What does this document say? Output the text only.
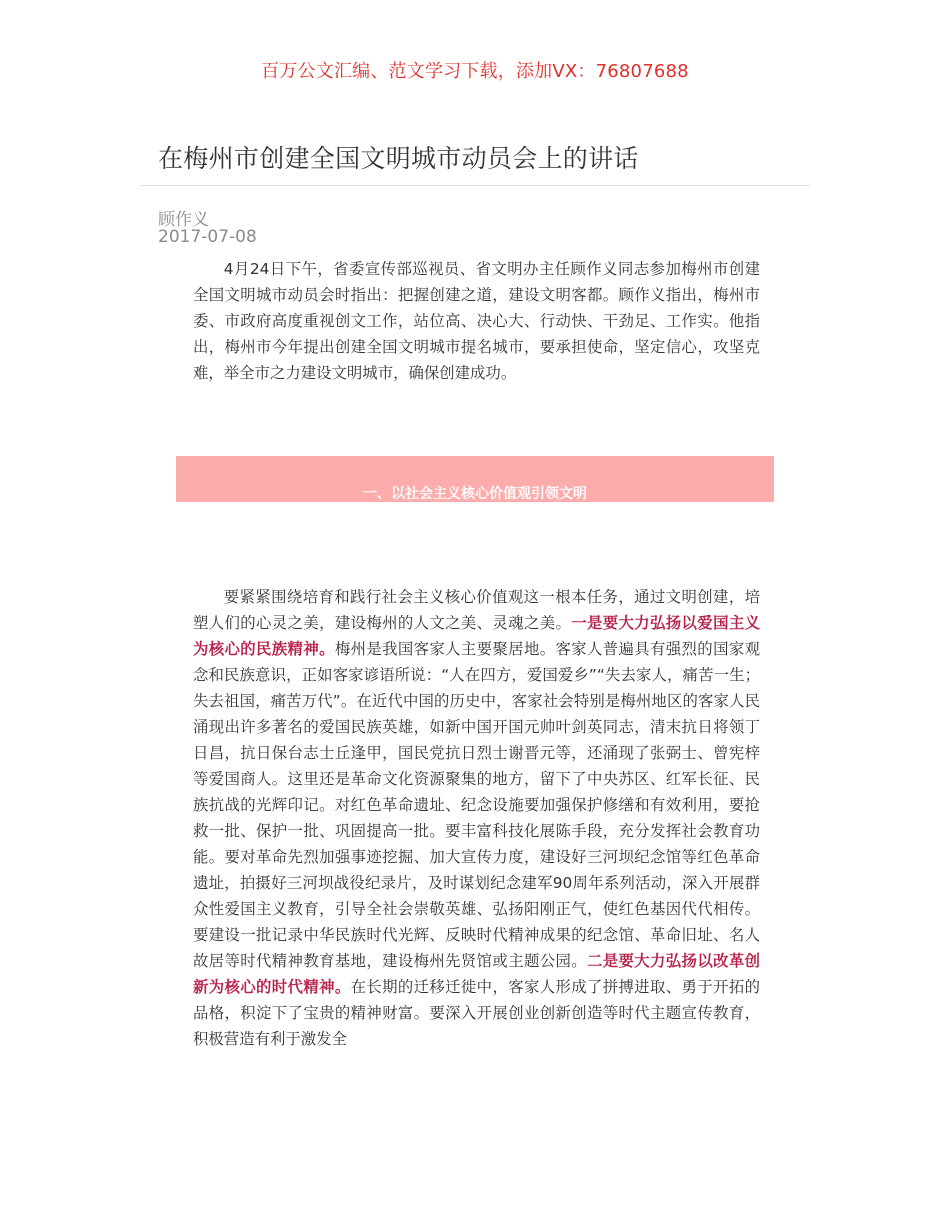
百万公文汇编、范文学习下载，添加VX：76807688
在梅州市创建全国文明城市动员会上的讲话
顾作义
2017-07-08

4月24日下午，省委宣传部巡视员、省文明办主任顾作义同志参加梅州市创建全国文明城市动员会时指出：把握创建之道，建设文明客都。顾作义指出，梅州市委、市政府高度重视创文工作，站位高、决心大、行动快、干劲足、工作实。他指出，梅州市今年提出创建全国文明城市提名城市，要承担使命，坚定信心，攻坚克难，举全市之力建设文明城市，确保创建成功。

一、以社会主义核心价值观引领文明

要紧紧围绕培育和践行社会主义核心价值观这一根本任务，通过文明创建，培塑人们的心灵之美，建设梅州的人文之美、灵魂之美。一是要大力弘扬以爱国主义为核心的民族精神。梅州是我国客家人主要聚居地。客家人普遍具有强烈的国家观念和民族意识，正如客家谚语所说：“人在四方，爱国爱乡”“失去家人，痛苦一生；失去祖国，痛苦万代”。在近代中国的历史中，客家社会特别是梅州地区的客家人民涌现出许多著名的爱国民族英雄，如新中国开国元帅叶剑英同志，清末抗日将领丁日昌，抗日保台志士丘逢甲，国民党抗日烈士谢晋元等，还涌现了张弼士、曾宪梓等爱国商人。这里还是革命文化资源聚集的地方，留下了中央苏区、红军长征、民族抗战的光辉印记。对红色革命遗址、纪念设施要加强保护修缮和有效利用，要抢救一批、保护一批、巩固提高一批。要丰富科技化展陈手段，充分发挥社会教育功能。要对革命先烈加强事迹挖掘、加大宣传力度，建设好三河坝纪念馆等红色革命遗址，拍摄好三河坝战役纪录片，及时谋划纪念建军90周年系列活动，深入开展群众性爱国主义教育，引导全社会崇敬英雄、弘扬阳刚正气，使红色基因代代相传。要建设一批记录中华民族时代光辉、反映时代精神成果的纪念馆、革命旧址、名人故居等时代精神教育基地，建设梅州先贤馆或主题公园。二是要大力弘扬以改革创新为核心的时代精神。在长期的迁移迁徙中，客家人形成了拼搏进取、勇于开拓的品格，积淀下了宝贵的精神财富。要深入开展创业创新创造等时代主题宣传教育，积极营造有利于激发全
